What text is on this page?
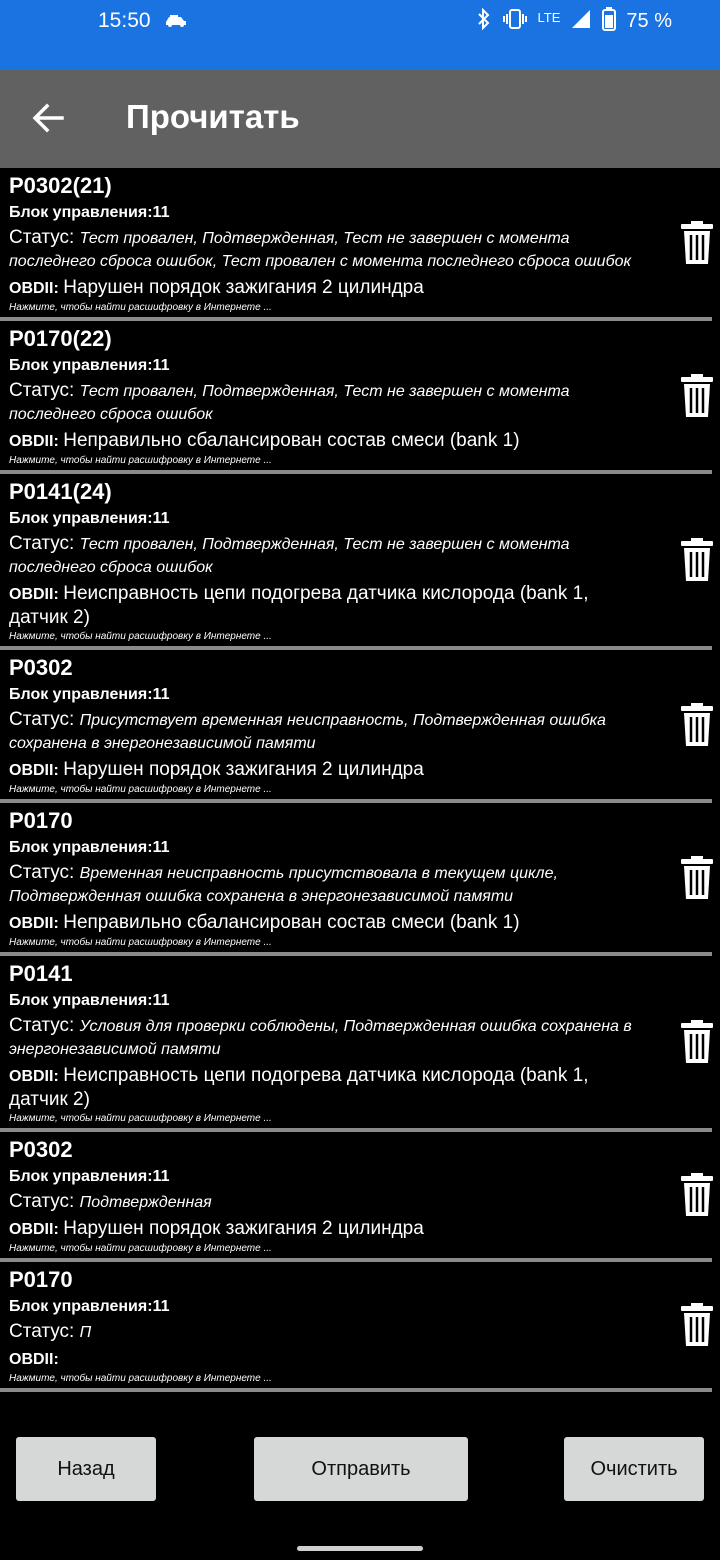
15:50	LTE	75 %
Прочитать
P0302(21)
Блок управления:11
Статус: Тест провален, Подтвержденная, Тест не завершен с момента последнего сброса ошибок, Тест провален с момента последнего сброса ошибок
OBDII: Нарушен порядок зажигания 2 цилиндра
Нажмите, чтобы найти расшифровку в Интернете ...
P0170(22)
Блок управления:11
Статус: Тест провален, Подтвержденная, Тест не завершен с момента последнего сброса ошибок
OBDII: Неправильно сбалансирован состав смеси (bank 1)
Нажмите, чтобы найти расшифровку в Интернете ...
P0141(24)
Блок управления:11
Статус: Тест провален, Подтвержденная, Тест не завершен с момента последнего сброса ошибок
OBDII: Неисправность цепи подогрева датчика кислорода (bank 1, датчик 2)
Нажмите, чтобы найти расшифровку в Интернете ...
P0302
Блок управления:11
Статус: Присутствует временная неисправность, Подтвержденная ошибка сохранена в энергонезависимой памяти
OBDII: Нарушен порядок зажигания 2 цилиндра
Нажмите, чтобы найти расшифровку в Интернете ...
P0170
Блок управления:11
Статус: Временная неисправность присутствовала в текущем цикле, Подтвержденная ошибка сохранена в энергонезависимой памяти
OBDII: Неправильно сбалансирован состав смеси (bank 1)
Нажмите, чтобы найти расшифровку в Интернете ...
P0141
Блок управления:11
Статус: Условия для проверки соблюдены, Подтвержденная ошибка сохранена в энергонезависимой памяти
OBDII: Неисправность цепи подогрева датчика кислорода (bank 1, датчик 2)
Нажмите, чтобы найти расшифровку в Интернете ...
P0302
Блок управления:11
Статус: Подтвержденная
OBDII: Нарушен порядок зажигания 2 цилиндра
Нажмите, чтобы найти расшифровку в Интернете ...
P0170
Блок управления:11
Статус: П
OBDII:
Нажмите, чтобы найти расшифровку в Интернете ...
Назад	Отправить	Очистить
